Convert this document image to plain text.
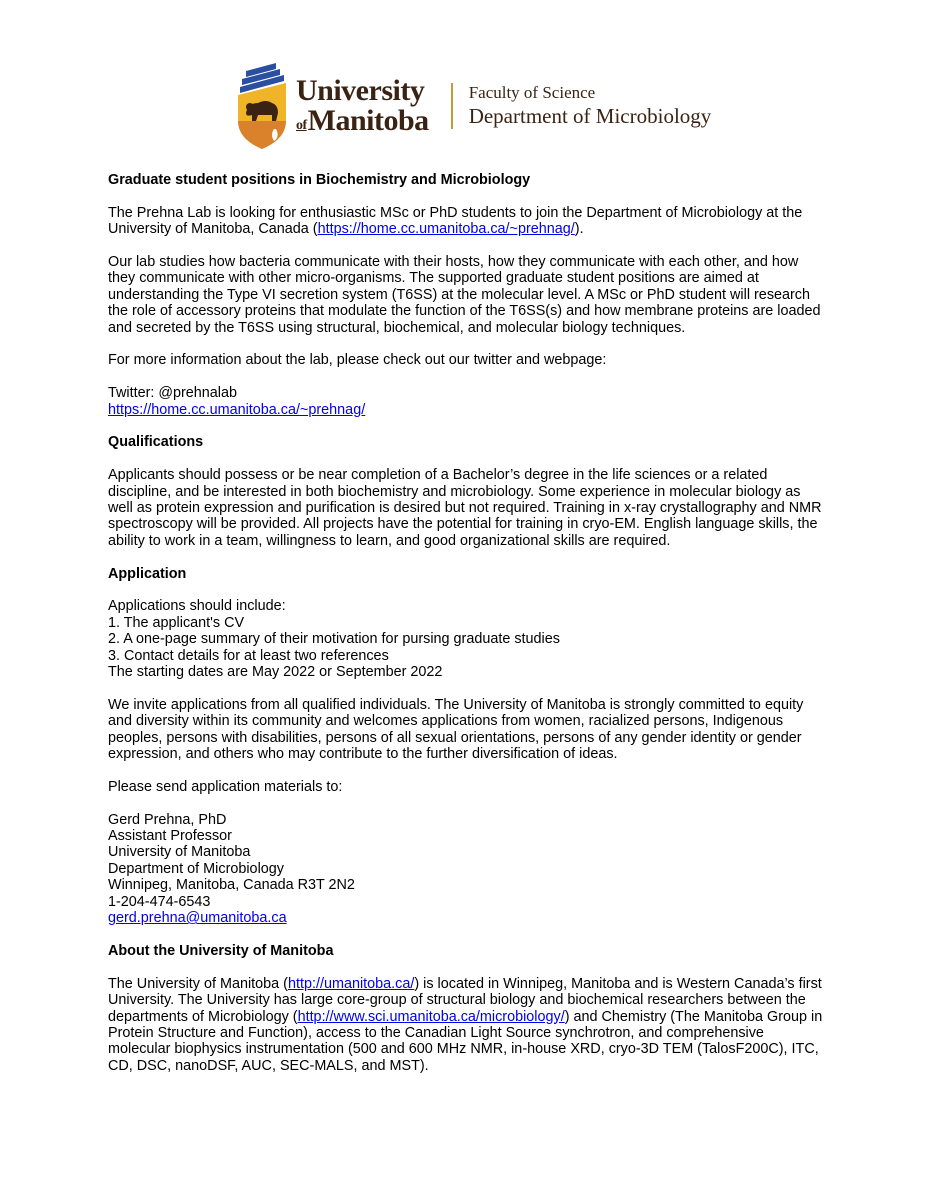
University
of Manitoba
Faculty of Science
Department of Microbiology

Graduate student positions in Biochemistry and Microbiology

The Prehna Lab is looking for enthusiastic MSc or PhD students to join the Department of Microbiology at the University of Manitoba, Canada (https://home.cc.umanitoba.ca/~prehnag/).

Our lab studies how bacteria communicate with their hosts, how they communicate with each other, and how they communicate with other micro-organisms. The supported graduate student positions are aimed at understanding the Type VI secretion system (T6SS) at the molecular level. A MSc or PhD student will research the role of accessory proteins that modulate the function of the T6SS(s) and how membrane proteins are loaded and secreted by the T6SS using structural, biochemical, and molecular biology techniques.

For more information about the lab, please check out our twitter and webpage:

Twitter: @prehnalab
https://home.cc.umanitoba.ca/~prehnag/

Qualifications

Applicants should possess or be near completion of a Bachelor’s degree in the life sciences or a related discipline, and be interested in both biochemistry and microbiology. Some experience in molecular biology as well as protein expression and purification is desired but not required. Training in x-ray crystallography and NMR spectroscopy will be provided. All projects have the potential for training in cryo-EM. English language skills, the ability to work in a team, willingness to learn, and good organizational skills are required.

Application

Applications should include:
1. The applicant's CV
2. A one-page summary of their motivation for pursing graduate studies
3. Contact details for at least two references
The starting dates are May 2022 or September 2022

We invite applications from all qualified individuals. The University of Manitoba is strongly committed to equity and diversity within its community and welcomes applications from women, racialized persons, Indigenous peoples, persons with disabilities, persons of all sexual orientations, persons of any gender identity or gender expression, and others who may contribute to the further diversification of ideas.

Please send application materials to:

Gerd Prehna, PhD
Assistant Professor
University of Manitoba
Department of Microbiology
Winnipeg, Manitoba, Canada R3T 2N2
1-204-474-6543
gerd.prehna@umanitoba.ca

About the University of Manitoba

The University of Manitoba (http://umanitoba.ca/) is located in Winnipeg, Manitoba and is Western Canada’s first University. The University has large core-group of structural biology and biochemical researchers between the departments of Microbiology (http://www.sci.umanitoba.ca/microbiology/) and Chemistry (The Manitoba Group in Protein Structure and Function), access to the Canadian Light Source synchrotron, and comprehensive molecular biophysics instrumentation (500 and 600 MHz NMR, in-house XRD, cryo-3D TEM (TalosF200C), ITC, CD, DSC, nanoDSF, AUC, SEC-MALS, and MST).
